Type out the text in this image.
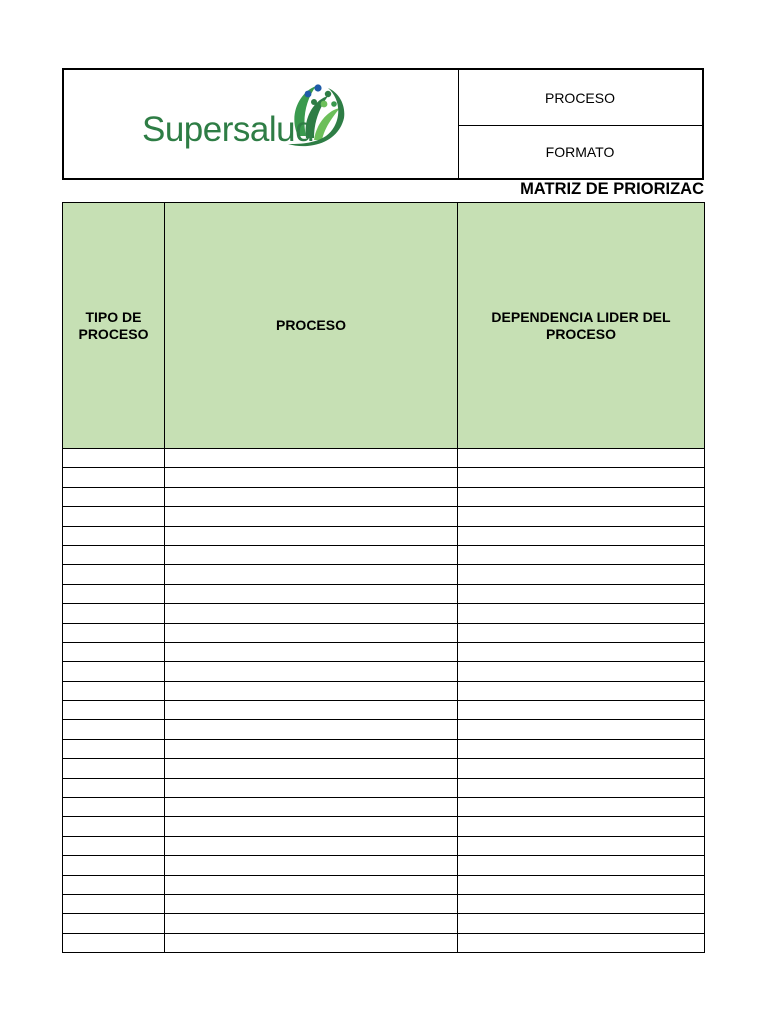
Supersalud
PROCESO
FORMATO
MATRIZ DE PRIORIZAC
TIPO DE PROCESO	PROCESO	DEPENDENCIA LIDER DEL PROCESO
